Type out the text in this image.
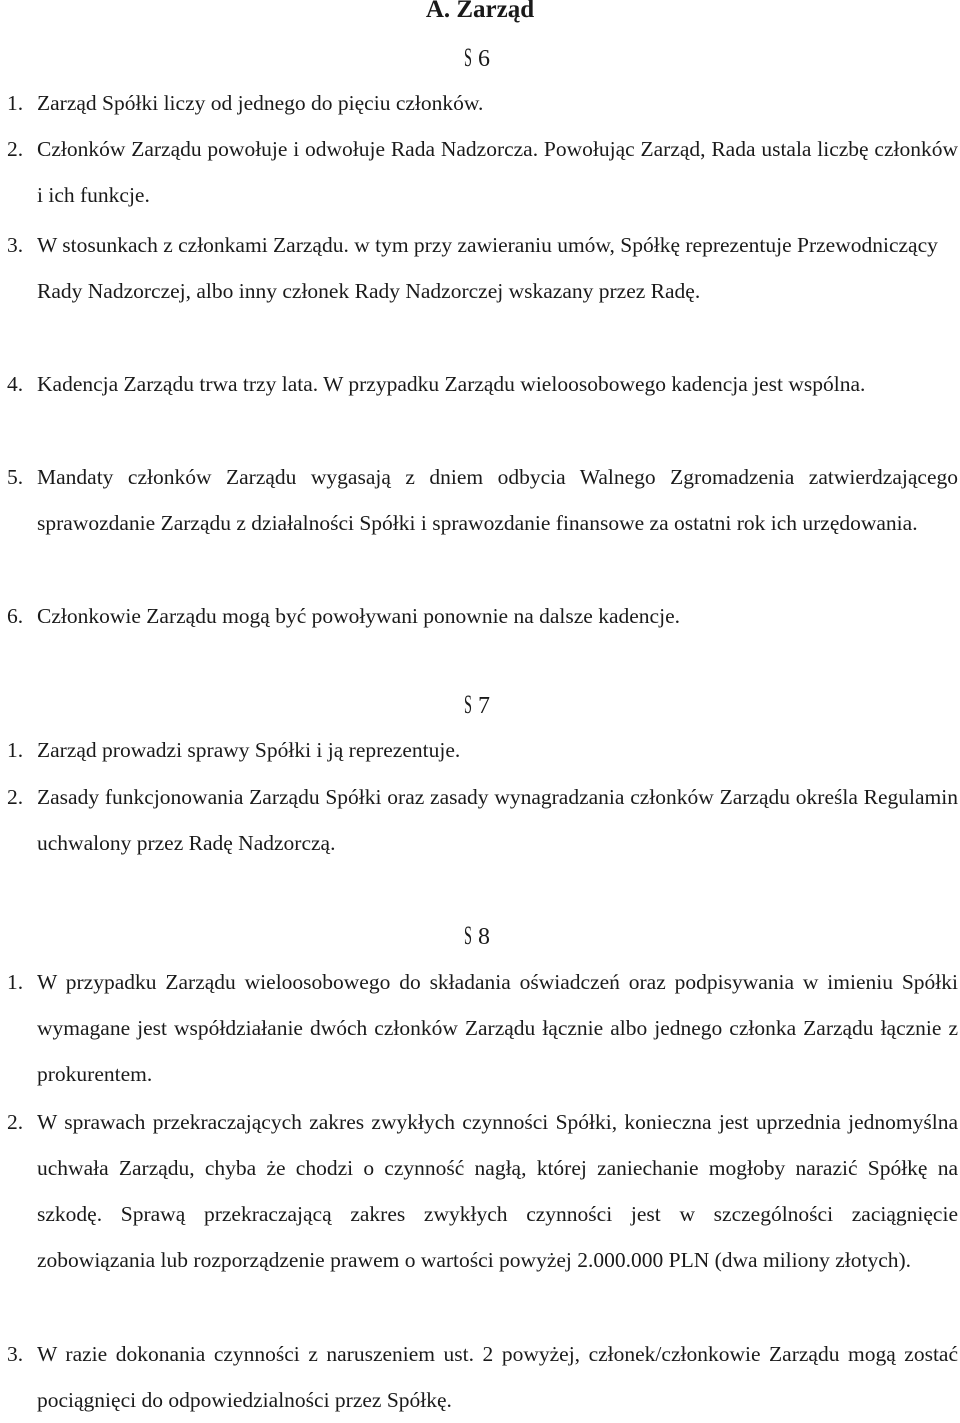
A. Zarząd
S 6

1. Zarząd Spółki liczy od jednego do pięciu członków.

2. Członków Zarządu powołuje i odwołuje Rada Nadzorcza. Powołując Zarząd, Rada ustala liczbę członków i ich funkcje.

3. W stosunkach z członkami Zarządu. w tym przy zawieraniu umów, Spółkę reprezentuje Przewodniczący Rady Nadzorczej, albo inny członek Rady Nadzorczej wskazany przez Radę.

4. Kadencja Zarządu trwa trzy lata. W przypadku Zarządu wieloosobowego kadencja jest wspólna.

5. Mandaty członków Zarządu wygasają z dniem odbycia Walnego Zgromadzenia zatwierdzającego sprawozdanie Zarządu z działalności Spółki i sprawozdanie finansowe za ostatni rok ich urzędowania.

6. Członkowie Zarządu mogą być powoływani ponownie na dalsze kadencje.

S 7

1. Zarząd prowadzi sprawy Spółki i ją reprezentuje.

2. Zasady funkcjonowania Zarządu Spółki oraz zasady wynagradzania członków Zarządu określa Regulamin uchwalony przez Radę Nadzorczą.

S 8

1. W przypadku Zarządu wieloosobowego do składania oświadczeń oraz podpisywania w imieniu Spółki wymagane jest współdziałanie dwóch członków Zarządu łącznie albo jednego członka Zarządu łącznie z prokurentem.

2. W sprawach przekraczających zakres zwykłych czynności Spółki, konieczna jest uprzednia jednomyślna uchwała Zarządu, chyba że chodzi o czynność nagłą, której zaniechanie mogłoby narazić Spółkę na szkodę. Sprawą przekraczającą zakres zwykłych czynności jest w szczególności zaciągnięcie zobowiązania lub rozporządzenie prawem o wartości powyżej 2.000.000 PLN (dwa miliony złotych).

3. W razie dokonania czynności z naruszeniem ust. 2 powyżej, członek/członkowie Zarządu mogą zostać pociągnięci do odpowiedzialności przez Spółkę.
